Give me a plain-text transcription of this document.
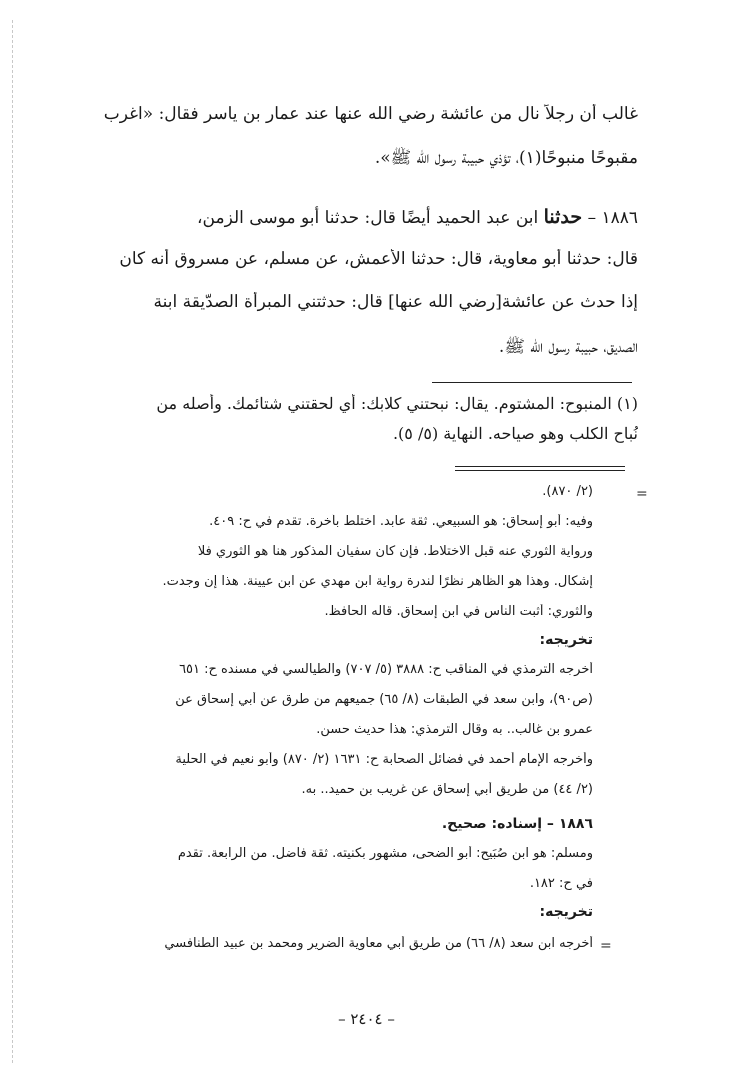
غالب أن رجلاً نال من عائشة رضي الله عنها عند عمار بن ياسر فقال: «اغرب
مقبوحًا منبوحًا(١)، تؤذي حبيبة رسول الله ﷺ».
١٨٨٦ – حدثنا ابن عبد الحميد أيضًا قال: حدثنا أبو موسى الزمن،
قال: حدثنا أبو معاوية، قال: حدثنا الأعمش، عن مسلم، عن مسروق أنه كان
إذا حدث عن عائشة[رضي الله عنها] قال: حدثتني المبرأة الصدّيقة ابنة
الصديق، حبيبة رسول الله ﷺ.
(١) المنبوح: المشتوم. يقال: نبحتني كلابك: أي لحقتني شتائمك. وأصله من
نُباح الكلب وهو صياحه. النهاية (٥/ ٥).
(٢/ ٨٧٠).
وفيه: أبو إسحاق: هو السبيعي. ثقة عابد. اختلط بأخرة. تقدم في ح: ٤٠٩.
ورواية الثوري عنه قبل الاختلاط. فإن كان سفيان المذكور هنا هو الثوري فلا
إشكال. وهذا هو الظاهر نظرًا لندرة رواية ابن مهدي عن ابن عيينة. هذا إن وجدت.
والثوري: أثبت الناس في ابن إسحاق. قاله الحافظ.
تخريجه:
أخرجه الترمذي في المناقب ح: ٣٨٨٨ (٥/ ٧٠٧) والطيالسي في مسنده ح: ٦٥١
(ص٩٠)، وابن سعد في الطبقات (٨/ ٦٥) جميعهم من طرق عن أبي إسحاق عن
عمرو بن غالب.. به وقال الترمذي: هذا حديث حسن.
وأخرجه الإمام أحمد في فضائل الصحابة ح: ١٦٣١ (٢/ ٨٧٠) وأبو نعيم في الحلية
(٢/ ٤٤) من طريق أبي إسحاق عن غريب بن حميد.. به.
١٨٨٦ – إسناده: صحيح.
ومسلم: هو ابن صُبَيح: أبو الضحى، مشهور بكنيته. ثقة فاضل. من الرابعة. تقدم
في ح: ١٨٢.
تخريجه:
أخرجه ابن سعد (٨/ ٦٦) من طريق أبي معاوية الضرير ومحمد بن عبيد الطنافسي
=
=
– ٢٤٠٤ –
